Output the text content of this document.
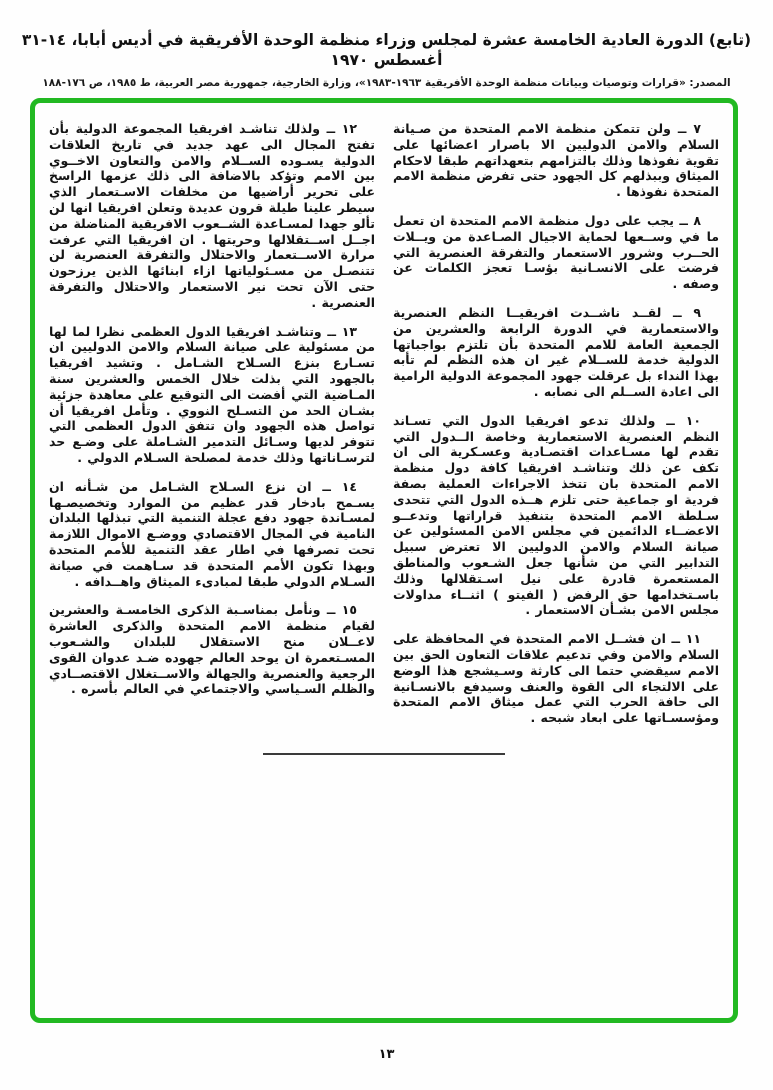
(تابع) الدورة العادية الخامسة عشرة لمجلس وزراء منظمة الوحدة الأفريقية في أديس أبابا، ١٤-٣١ أغسطس ١٩٧٠
المصدر: «قرارات وتوصيات وبيانات منظمة الوحدة الأفريقية ١٩٦٣-١٩٨٣»، وزارة الخارجية، جمهورية مصر العربية، ط ١٩٨٥، ص ١٧٦-١٨٨

٧ ــ ولن تتمكن منظمة الامم المتحدة من صـيانة السلام والامن الدوليين الا باصرار اعضائها على تقوية نفوذها وذلك بالتزامهم بتعهداتهم طبقا لاحكام الميثاق وببذلهم كل الجهود حتى تفرض منظمة الامم المتحدة نفوذها .

٨ ــ يجب على دول منظمة الامم المتحدة ان تعمل ما في وســعها لحماية الاجيال الصـاعدة من ويــلات الحــرب وشرور الاستعمار والتفرقة العنصرية التي فرضت على الانسـانية بؤسـا تعجز الكلمات عن وصفه .

٩ ــ لقــد ناشــدت افريقيــا النظم العنصرية والاستعمارية في الدورة الرابعة والعشرين من الجمعية العامة للامم المتحدة بأن تلتزم بواجباتها الدولية خدمة للســلام غير ان هذه النظم لم تأبه بهذا النداء بل عرقلت جهود المجموعة الدولية الرامية الى اعادة الســلم الى نصابه .

١٠ ــ ولذلك تدعو افريقيا الدول التي تسـاند النظم العنصرية الاستعمارية وخاصة الــدول التي تقدم لها مسـاعدات اقتصـادية وعسـكرية الى ان تكف عن ذلك وتناشـد افريقيا كافة دول منظمة الامم المتحدة بان تتخذ الاجراءات العملية بصفة فردية او جماعية حتى تلزم هــذه الدول التي تتحدى سـلطة الامم المتحدة بتنفيذ قراراتها وتدعــو الاعضــاء الدائمين في مجلس الامن المسئولين عن صيانة السلام والامن الدوليين الا تعترض سبيل التدابير التي من شأنها جعل الشـعوب والمناطق المستعمرة قادرة على نيل اسـتقلالها وذلك باسـتخدامها حق الرفض ( الفيتو ) اثنــاء مداولات مجلس الامن بشـأن الاستعمار .

١١ ــ ان فشــل الامم المتحدة في المحافظة على السلام والامن وفي تدعيم علاقات التعاون الحق بين الامم سيقضي حتما الى كارثة وسـيشجع هذا الوضع على الالتجاء الى القوة والعنف وسيدفع بالانسـانية الى حافة الحرب التي عمل ميثاق الامم المتحدة ومؤسسـاتها على ابعاد شبحه .

١٢ ــ ولذلك تناشـد افريقيا المجموعة الدولية بأن تفتح المجال الى عهد جديد في تاريخ العلاقات الدولية يسـوده الســلام والامن والتعاون الاخــوي بين الامم وتؤكد بالاضافة الى ذلك عزمها الراسخ على تحرير أراضيها من مخلفات الاسـتعمار الذي سيطر علينا طيلة قرون عديدة وتعلن افريقيا انها لن تألو جهدا لمسـاعدة الشــعوب الافريقية المناضلة من اجــل اســتقلالها وحريتها . ان افريقيا التي عرفت مرارة الاســتعمار والاحتلال والتفرقة العنصرية لن تتنصـل من مسـئولياتها ازاء ابنائها الذين يرزحون حتى الآن تحت نير الاستعمار والاحتلال والتفرقة العنصرية .

١٣ ــ وتناشـد افريقيا الدول العظمى نظرا لما لها من مسئولية على صيانة السلام والامن الدوليين ان تسـارع بنزع السـلاح الشـامل . وتشيد افريقيا بالجهود التي بذلت خلال الخمس والعشرين سنة المـاضية التي أفضت الى التوقيع على معاهدة جزئية بشـان الحد من التسـلح النووي . وتأمل افريقيا أن تواصل هذه الجهود وان تتفق الدول العظمى التي تتوفر لديها وسـائل التدمير الشـاملة على وضـع حد لترسـاناتها وذلك خدمة لمصلحة السـلام الدولي .

١٤ ــ ان نزع السـلاح الشـامل من شـأنه ان يسـمح بادخار قدر عظيم من الموارد وتخصيصـها لمسـاندة جهود دفع عجلة التنمية التي تبذلها البلدان النامية في المجال الاقتصادي ووضـع الاموال اللازمة تحت تصرفها في اطار عقد التنمية للأمم المتحدة وبهذا تكون الأمم المتحدة قد سـاهمت في صيانة السـلام الدولي طبقا لمبادىء الميثاق واهــدافه .

١٥ ــ ونأمل بمناسـبة الذكرى الخامسـة والعشرين لقيام منظمة الامم المتحدة والذكرى العاشرة لاعــلان منح الاستقلال للبلدان والشـعوب المسـتعمرة ان يوحد العالم جهوده ضـد عدوان القوى الرجعية والعنصرية والجهالة والاســتغلال الاقتصــادي والظلم السـياسي والاجتماعي في العالم بأسره .

١٣
